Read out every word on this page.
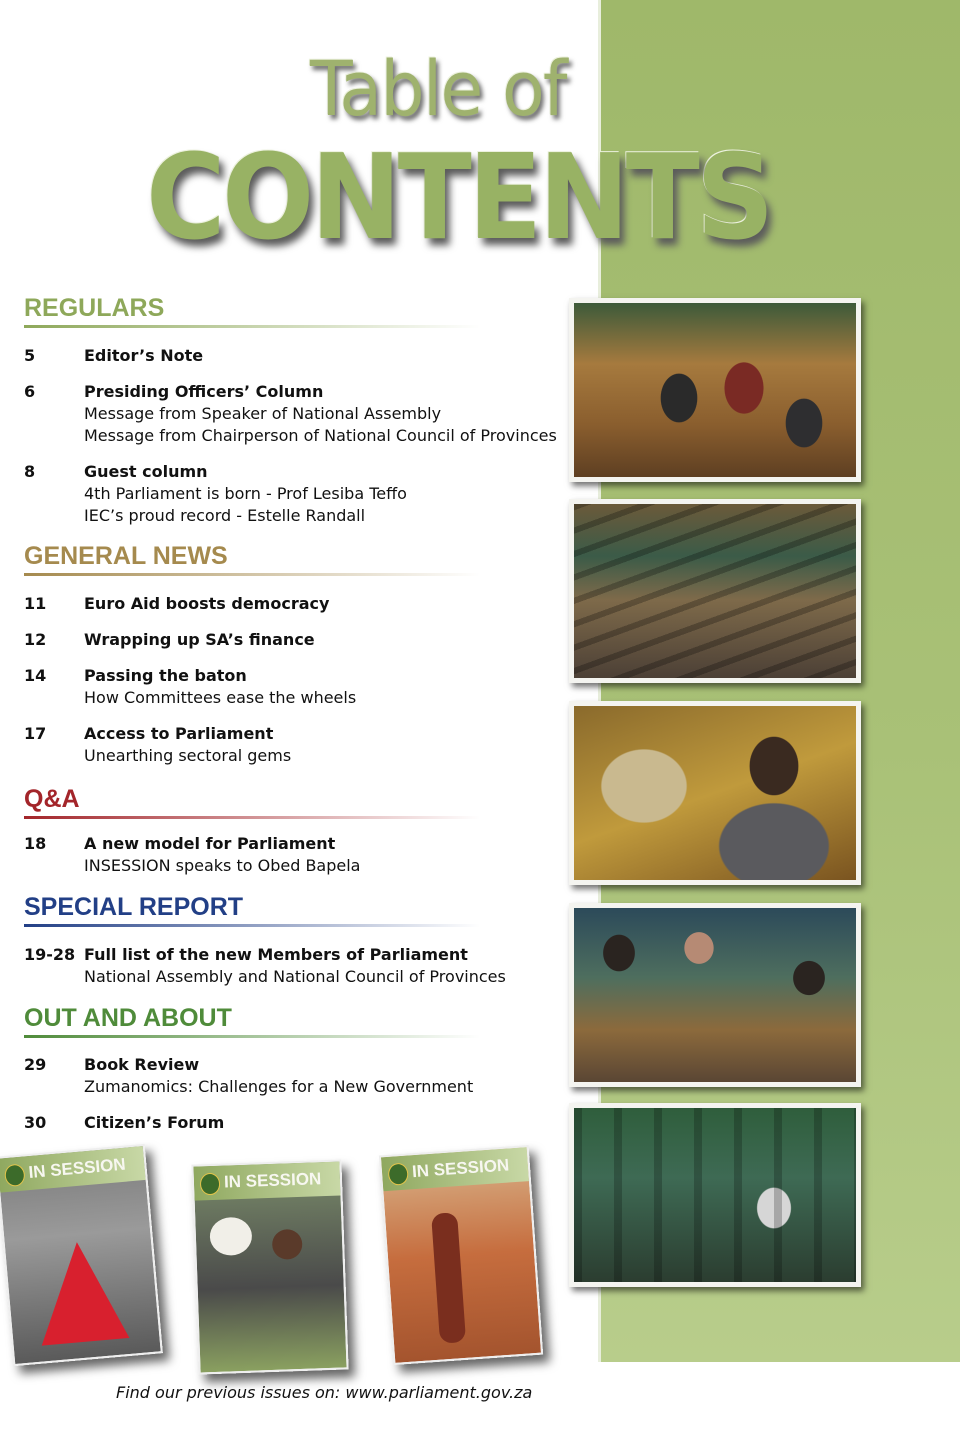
Table of
CONTENTS
REGULARS
5	Editor’s Note
6	Presiding Officers’ Column
Message from Speaker of National Assembly
Message from Chairperson of National Council of Provinces
8	Guest column
4th Parliament is born - Prof Lesiba Teffo
IEC’s proud record - Estelle Randall
GENERAL NEWS
11 Euro Aid boosts democracy
12 Wrapping up SA’s finance
14 Passing the baton
How Committees ease the wheels
17 Access to Parliament
Unearthing sectoral gems
Q&A
18 A new model for Parliament
INSESSION speaks to Obed Bapela
SPECIAL REPORT
19-28 Full list of the new Members of Parliament
National Assembly and National Council of Provinces
OUT AND ABOUT
29 Book Review
Zumanomics: Challenges for a New Government
30 Citizen’s Forum
IN SESSION	IN SESSION	IN SESSION
Find our previous issues on: www.parliament.gov.za
